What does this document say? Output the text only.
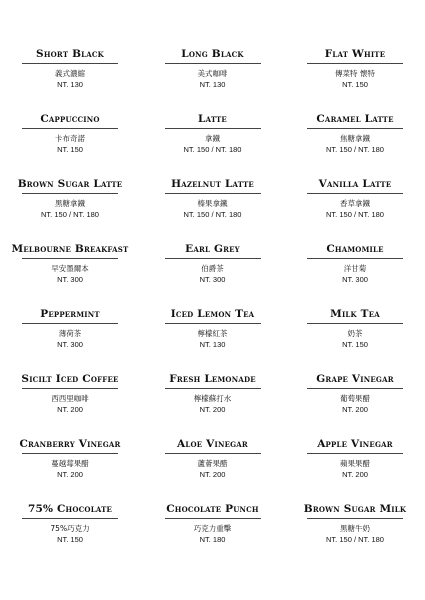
Short Black
義式濃縮
NT. 130
Long Black
美式咖啡
NT. 130
Flat White
傳菜特 懷特
NT. 150
Cappuccino
卡布奇諾
NT. 150
Latte
拿鐵
NT. 150 / NT. 180
Caramel Latte
焦糖拿鐵
NT. 150 / NT. 180
Brown Sugar Latte
黑糖拿鐵
NT. 150 / NT. 180
Hazelnut Latte
榛果拿鐵
NT. 150 / NT. 180
Vanilla Latte
香草拿鐵
NT. 150 / NT. 180
Melbourne Breakfast
早安墨爾本
NT. 300
Earl Grey
伯爵茶
NT. 300
Chamomile
洋甘菊
NT. 300
Peppermint
薄荷茶
NT. 300
Iced Lemon Tea
檸檬紅茶
NT. 130
Milk Tea
奶茶
NT. 150
Sicilt Iced Coffee
西西里咖啡
NT. 200
Fresh Lemonade
檸檬蘇打水
NT. 200
Grape Vinegar
葡萄果醋
NT. 200
Cranberry Vinegar
蔓越莓果醋
NT. 200
Aloe Vinegar
蘆薈果醋
NT. 200
Apple Vinegar
蘋果果醋
NT. 200
75% Chocolate
75%巧克力
NT. 150
Chocolate Punch
巧克力重擊
NT. 180
Brown Sugar Milk
黑糖牛奶
NT. 150 / NT. 180
